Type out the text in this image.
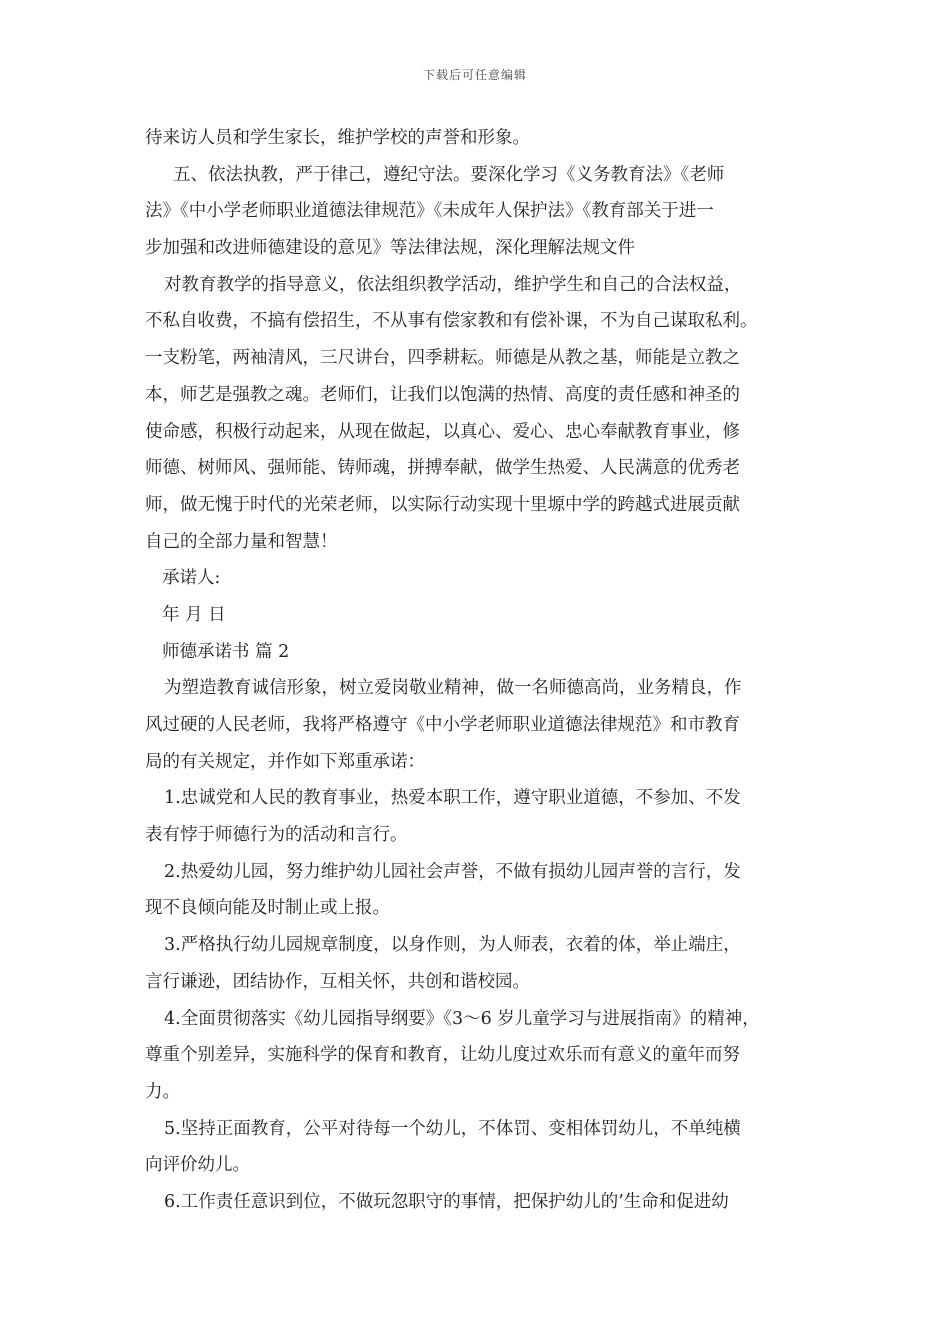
下载后可任意编辑
待来访人员和学生家长，维护学校的声誉和形象。
五、依法执教，严于律己，遵纪守法。要深化学习《义务教育法》《老师
法》《中小学老师职业道德法律规范》《未成年人保护法》《教育部关于进一
步加强和改进师德建设的意见》等法律法规，深化理解法规文件
对教育教学的指导意义，依法组织教学活动，维护学生和自己的合法权益，
不私自收费，不搞有偿招生，不从事有偿家教和有偿补课，不为自己谋取私利。
一支粉笔，两袖清风，三尺讲台，四季耕耘。师德是从教之基，师能是立教之
本，师艺是强教之魂。老师们，让我们以饱满的热情、高度的责任感和神圣的
使命感，积极行动起来，从现在做起，以真心、爱心、忠心奉献教育事业，修
师德、树师风、强师能、铸师魂，拼搏奉献，做学生热爱、人民满意的优秀老
师，做无愧于时代的光荣老师，以实际行动实现十里塬中学的跨越式进展贡献
自己的全部力量和智慧！
承诺人:
年 月 日
师德承诺书 篇 2
为塑造教育诚信形象，树立爱岗敬业精神，做一名师德高尚，业务精良，作
风过硬的人民老师，我将严格遵守《中小学老师职业道德法律规范》和市教育
局的有关规定，并作如下郑重承诺：
1.忠诚党和人民的教育事业，热爱本职工作，遵守职业道德，不参加、不发
表有悖于师德行为的活动和言行。
2.热爱幼儿园，努力维护幼儿园社会声誉，不做有损幼儿园声誉的言行，发
现不良倾向能及时制止或上报。
3.严格执行幼儿园规章制度，以身作则，为人师表，衣着的体，举止端庄，
言行谦逊，团结协作，互相关怀，共创和谐校园。
4.全面贯彻落实《幼儿园指导纲要》《3～6 岁儿童学习与进展指南》的精神，
尊重个别差异，实施科学的保育和教育，让幼儿度过欢乐而有意义的童年而努
力。
5.坚持正面教育，公平对待每一个幼儿，不体罚、变相体罚幼儿，不单纯横
向评价幼儿。
6.工作责任意识到位，不做玩忽职守的事情，把保护幼儿的’生命和促进幼
